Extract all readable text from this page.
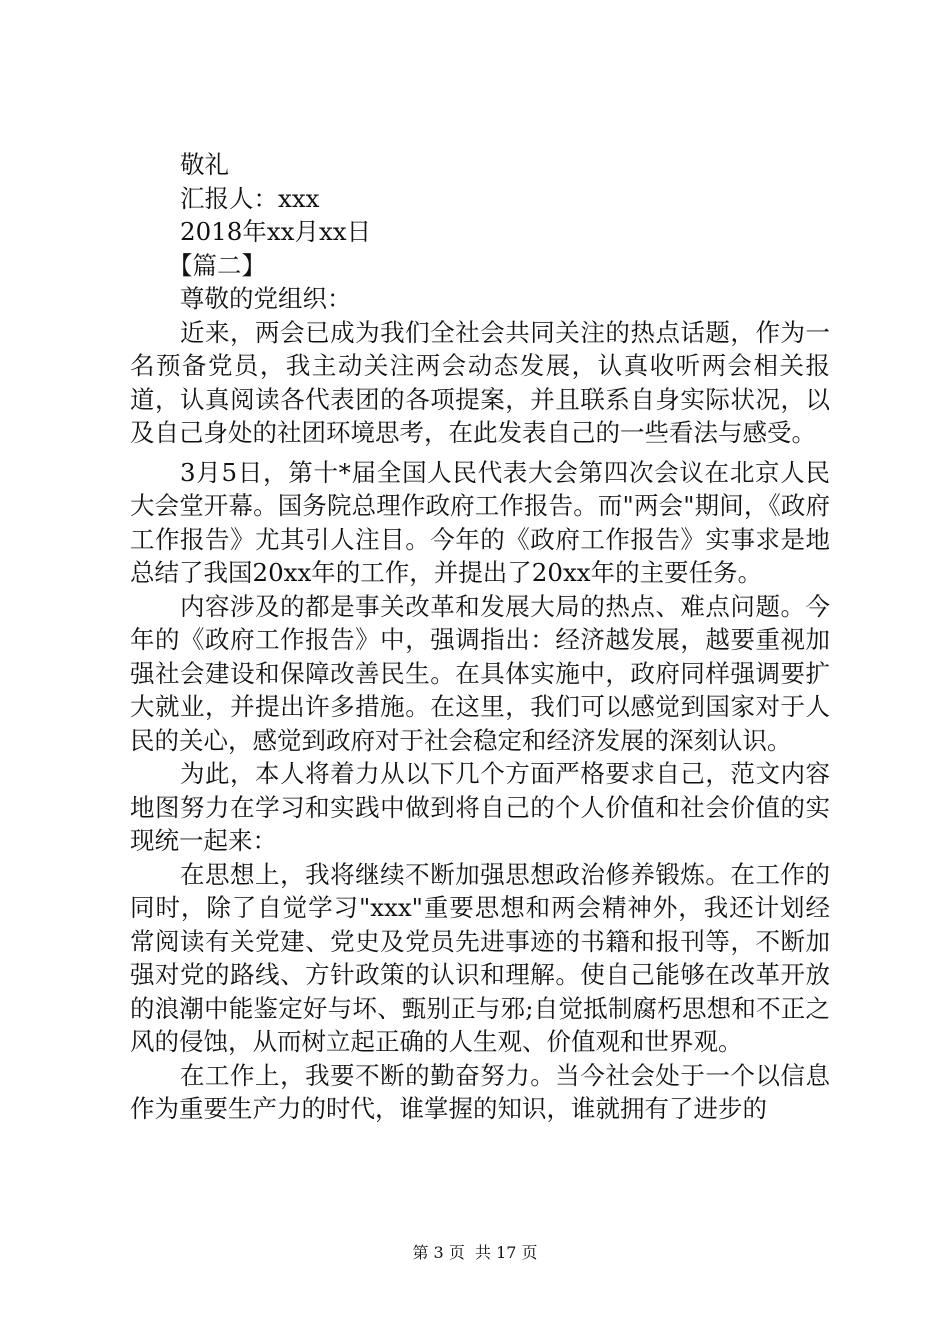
敬礼
汇报人：xxx
2018年xx月xx日
【篇二】
尊敬的党组织：

近来，两会已成为我们全社会共同关注的热点话题，作为一名预备党员，我主动关注两会动态发展，认真收听两会相关报道，认真阅读各代表团的各项提案，并且联系自身实际状况，以及自己身处的社团环境思考，在此发表自己的一些看法与感受。

3月5日，第十*届全国人民代表大会第四次会议在北京人民大会堂开幕。国务院总理作政府工作报告。而"两会"期间，《政府工作报告》尤其引人注目。今年的《政府工作报告》实事求是地总结了我国20xx年的工作，并提出了20xx年的主要任务。

内容涉及的都是事关改革和发展大局的热点、难点问题。今年的《政府工作报告》中，强调指出：经济越发展，越要重视加强社会建设和保障改善民生。在具体实施中，政府同样强调要扩大就业，并提出许多措施。在这里，我们可以感觉到国家对于人民的关心，感觉到政府对于社会稳定和经济发展的深刻认识。

为此，本人将着力从以下几个方面严格要求自己，范文内容地图努力在学习和实践中做到将自己的个人价值和社会价值的实现统一起来：

在思想上，我将继续不断加强思想政治修养锻炼。在工作的同时，除了自觉学习"xxx"重要思想和两会精神外，我还计划经常阅读有关党建、党史及党员先进事迹的书籍和报刊等，不断加强对党的路线、方针政策的认识和理解。使自己能够在改革开放的浪潮中能鉴定好与坏、甄别正与邪;自觉抵制腐朽思想和不正之风的侵蚀，从而树立起正确的人生观、价值观和世界观。

在工作上，我要不断的勤奋努力。当今社会处于一个以信息作为重要生产力的时代，谁掌握的知识，谁就拥有了进步的

第 3 页  共 17 页
